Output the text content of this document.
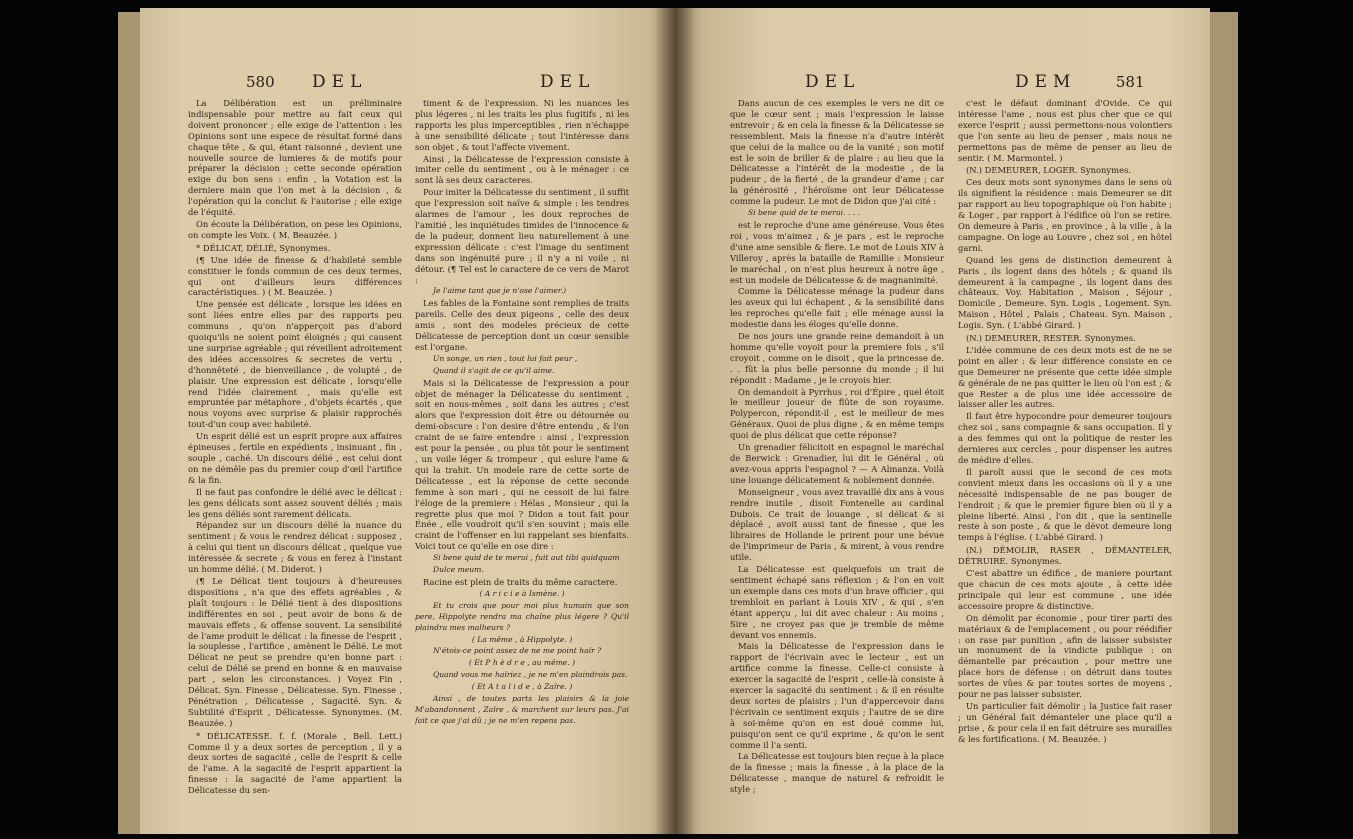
580 DEL	DEL

La Délibération est un préliminaire indispensable pour mettre au fait ceux qui doivent prononcer ; elle exige de l'attention : les Opinions sont une espece de résultat formé dans chaque tête , & qui, étant raisonné , devient une nouvelle source de lumieres & de motifs pour préparer la décision ; cette seconde opération exige du bon sens : enfin , la Votation est la derniere main que l'on met à la décision , & l'opération qui la conclut & l'autorise ; elle exige de l'équité.

On écoute la Délibération, on pese les Opinions, on compte les Voix. ( M. Beauzée. )

* DÉLICAT, DÉLIÉ, Synonymes.

(¶ Une idée de finesse & d'habileté semble constituer le fonds commun de ces deux termes, qui ont d'ailleurs leurs différences caractéristiques. ) ( M. Beauzée. )

Une pensée est délicate , lorsque les idées en sont liées entre elles par des rapports peu communs , qu'on n'apperçoit pas d'abord quoiqu'ils ne soient point éloignés ; qui causent une surprise agréable ; qui réveillent adroitement des idées accessoires & secretes de vertu , d'honnêteté , de bienveillance , de volupté , de plaisir. Une expression est délicate , lorsqu'elle rend l'idée clairement , mais qu'elle est empruntée par métaphore , d'objets écartés , que nous voyons avec surprise & plaisir rapprochés tout-d'un coup avec habileté.

Un esprit délié est un esprit propre aux affaires épineuses , fertile en expédients , insinuant , fin , souple , caché. Un discours délié , est celui dont on ne démêle pas du premier coup d'œil l'artifice & la fin.

Il ne faut pas confondre le délié avec le délicat : les gens délicats sont assez souvent déliés ; mais les gens déliés sont rarement délicats.

Répandez sur un discours délié la nuance du sentiment ; & vous le rendrez délicat : supposez , à celui qui tient un discours délicat , quelque vue intéressée & secrete ; & vous en ferez à l'instant un homme délié. ( M. Diderot. )

(¶ Le Délicat tient toujours à d'heureuses dispositions , n'a que des effets agréables , & plaît toujours : le Délié tient à des dispositions indifférentes en soi , peut avoir de bons & de mauvais effets , & offense souvent. La sensibilité de l'ame produit le délicat : la finesse de l'esprit , la souplesse , l'artifice , amènent le Délié. Le mot Délicat ne peut se prendre qu'en bonne part : celui de Délié se prend en bonne & en mauvaise part , selon les circonstances. ) Voyez Fin , Délicat. Syn. Finesse , Délicatesse. Syn. Finesse , Pénétration , Délicatesse , Sagacité. Syn. & Subtilité d'Esprit , Délicatesse. Synonymes. (M. Beauzée. )

* DÉLICATESSE. f. f. (Morale , Bell. Lett.) Comme il y a deux sortes de perception , il y a deux sortes de sagacité , celle de l'esprit & celle de l'ame. A la sagacité de l'esprit appartient la finesse : la sagacité de l'ame appartient la Délicatesse du sen-

timent & de l'expression. Ni les nuances les plus légeres , ni les traits les plus fugitifs , ni les rapports les plus imperceptibles , rien n'échappe à une sensibilité délicate ; tout l'intéresse dans son objet , & tout l'affecte vivement.

Ainsi , la Délicatesse de l'expression consiste à imiter celle du sentiment , ou à le ménager : ce sont là ses deux caracteres.

Pour imiter la Délicatesse du sentiment , il suffit que l'expression soit naïve & simple : les tendres alarmes de l'amour , les doux reproches de l'amitié , les inquiétudes timides de l'innocence & de la pudeur, donnent lieu naturellement à une expression délicate : c'est l'image du sentiment dans son ingénuité pure ; il n'y a ni voile , ni détour. (¶ Tel est le caractere de ce vers de Marot :

Je l'aime tant que je n'ose l'aimer.)

Les fables de la Fontaine sont remplies de traits pareils. Celle des deux pigeons , celle des deux amis , sont des modeles précieux de cette Délicatesse de perception dont un cœur sensible est l'organe.

Un songe, un rien , tout lui fait peur ,

Quand il s'agit de ce qu'il aime.

Mais si la Délicatesse de l'expression a pour objet de ménager la Délicatesse du sentiment , soit en nous-mêmes , soit dans les autres ; c'est alors que l'expression doit être ou détournée ou demi-obscure : l'on desire d'être entendu , & l'on craint de se faire entendre : ainsi , l'expression est pour la pensée , ou plus tôt pour le sentiment , un voile léger & trompeur , qui eslure l'ame & qui la trahit. Un modele rare de cette sorte de Délicatesse , est la réponse de cette seconde femme à son mari , qui ne cessoit de lui faire l'éloge de la premiere : Hélas , Monsieur , qui la regrette plus que moi ? Didon a tout fait pour Énée , elle voudroit qu'il s'en souvint ; mais elle craint de l'offenser en lui rappelant ses bienfaits. Voici tout ce qu'elle en ose dire :

Si bene quid de te merui , fuit aut tibi quidquam

Dulce meum.

Racine est plein de traits du même caractere.

( A r i c i e à Ismène. )

Et tu crois que pour moi plus humain que son pere, Hippolyte rendra ma chaîne plus légere ? Qu'il plaindra mes malheurs ?

( La même , à Hippolyte. )

N'étois-ce point assez de ne me point haïr ?

( Et P h è d r e , au même. )

Quand vous me haïriez , je ne m'en plaindrois pas.

( Et A t a l i d e , à Zaïre. )

Ainsi , de toutes parts les plaisirs & la joie M'abandonnent , Zaïre , & marchent sur leurs pas. J'ai fait ce que j'ai dû ; je ne m'en repens pas.

DEL	DEM	581

Dans aucun de ces exemples le vers ne dit ce que le cœur sent ; mais l'expression le laisse entrevoir ; & en cela la finesse & la Délicatesse se ressemblent. Mais la finesse n'a d'autre intérêt que celui de la malice ou de la vanité ; son motif est le soin de briller & de plaire : au lieu que la Délicatesse a l'intérêt de la modestie , de la pudeur , de la fierté , de la grandeur d'ame ; car la générosité , l'héroïsme ont leur Délicatesse comme la pudeur. Le mot de Didon que j'ai cité :

Si bene quid de te merui. . . .

est le reproche d'une ame généreuse. Vous êtes roi , vous m'aimez , & je pars , est le reproche d'une ame sensible & fiere. Le mot de Louis XIV à Villeroy , après la bataille de Ramillie : Monsieur le maréchal , on n'est plus heureux à notre âge , est un modele de Délicatesse & de magnanimité.

Comme la Délicatesse ménage la pudeur dans les aveux qui lui échapent , & la sensibilité dans les reproches qu'elle fait ; elle ménage aussi la modestie dans les éloges qu'elle donne.

De nos jours une grande reine demandoit à un homme qu'elle voyoit pour la premiere fois , s'il croyoit , comme on le disoit , que la princesse de. . . fût la plus belle personne du monde ; il lui répondit : Madame , je le croyois hier.

On demandoit à Pyrrhus , roi d'Épire , quel étoit le meilleur joueur de flûte de son royaume. Polypercon, répondit-il , est le meilleur de mes Généraux. Quoi de plus digne , & en même temps quoi de plus délicat que cette réponse?

Un grenadier félicitoit en espagnol le maréchal de Berwick : Grenadier, lui dit le Général , où avez-vous appris l'espagnol ? — A Almanza. Voilà une louange délicatement & noblement donnée.

Monseigneur , vous avez travaillé dix ans à vous rendre inutile , disoit Fontenelle au cardinal Dubois. Ce trait de louange , si délicat & si déplacé , avoit aussi tant de finesse , que les libraires de Hollande le prirent pour une bévue de l'imprimeur de Paris , & mirent, à vous rendre utile.

La Délicatesse est quelquefois un trait de sentiment échapé sans réflexion ; & l'on en voit un exemple dans ces mots d'un brave officier , qui trembloit en parlant à Louis XIV , & qui , s'en étant apperçu , lui dit avec chaleur : Au moins , Sire , ne croyez pas que je tremble de même devant vos ennemis.

Mais la Délicatesse de l'expression dans le rapport de l'écrivain avec le lecteur , est un artifice comme la finesse. Celle-ci consiste à exercer la sagacité de l'esprit , celle-là consiste à exercer la sagacité du sentiment : & il en résulte deux sortes de plaisirs ; l'un d'appercevoir dans l'écrivain ce sentiment exquis ; l'autre de se dire à soi-même qu'on en est doué comme lui, puisqu'on sent ce qu'il exprime , & qu'on le sent comme il l'a senti.

La Délicatesse est toujours bien reçue à la place de la finesse ; mais la finesse , à la place de la Délicatesse , manque de naturel & refroidit le style ;

c'est le défaut dominant d'Ovide. Ce qui intéresse l'ame , nous est plus cher que ce qui exerce l'esprit ; aussi permettons-nous volontiers que l'on sente au lieu de penser , mais nous ne permettons pas de même de penser au lieu de sentir. ( M. Marmontel. )

(N.) DEMEURER, LOGER. Synonymes.

Ces deux mots sont synonymes dans le sens où ils signifient la résidence : mais Demeurer se dit par rapport au lieu topographique où l'on habite ; & Loger , par rapport à l'édifice où l'on se retire. On demeure à Paris , en province , à la ville , à la campagne. On loge au Louvre , chez soi , en hôtel garni.

Quand les gens de distinction demeurent à Paris , ils logent dans des hôtels ; & quand ils demeurent à la campagne , ils logent dans des châteaux. Voy. Habitation , Maison , Séjour , Domicile , Demeure. Syn. Logis , Logement. Syn. Maison , Hôtel , Palais , Chateau. Syn. Maison , Logis. Syn. ( L'abbé Girard. )

(N.) DEMEURER, RESTER. Synonymes.

L'idée commune de ces deux mots est de ne se point en aller : & leur différence consiste en ce que Demeurer ne présente que cette idée simple & générale de ne pas quitter le lieu où l'on est ; & que Rester a de plus une idée accessoire de laisser aller les autres.

Il faut être hypocondre pour demeurer toujours chez soi , sans compagnie & sans occupation. Il y a des femmes qui ont la politique de rester les dernieres aux cercles , pour dispenser les autres de médire d'elles.

Il paroît aussi que le second de ces mots convient mieux dans les occasions où il y a une nécessité indispensable de ne pas bouger de l'endroit ; & que le premier figure bien où il y a pleine liberté. Ainsi , l'on dit , que la sentinelle reste à son poste , & que le dévot demeure long temps à l'église. ( L'abbé Girard. )

(N.) DÉMOLIR, RASER , DÉMANTELER, DÉTRUIRE. Synonymes.

C'est abattre un édifice , de maniere pourtant que chacun de ces mots ajoute , à cette idée principale qui leur est commune , une idée accessoire propre & distinctive.

On démolit par économie , pour tirer parti des matériaux & de l'emplacement , ou pour réédifier : on rase par punition , afin de laisser subsister un monument de la vindicte publique : on démantelle par précaution , pour mettre une place hors de défense : on détruit dans toutes sortes de vûes & par toutes sortes de moyens , pour ne pas laisser subsister.

Un particulier fait démolir ; la Justice fait raser ; un Général fait démanteler une place qu'il a prise , & pour cela il en fait détruire ses murailles & les fortifications. ( M. Beauzée. )
